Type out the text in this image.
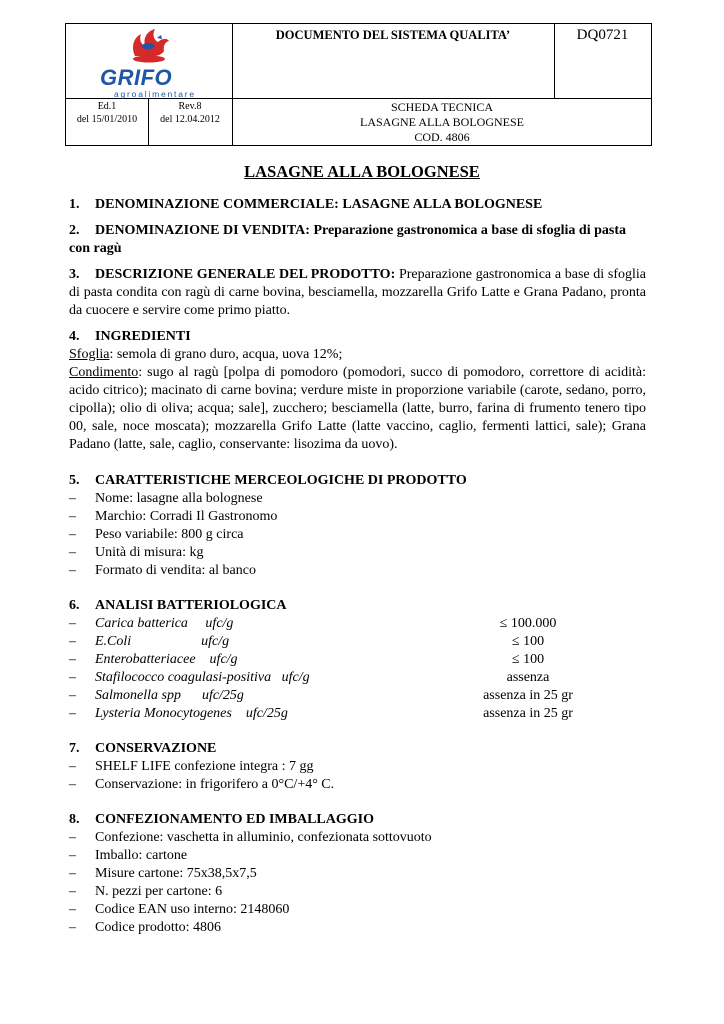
GRIFO
agroalimentare
DOCUMENTO DEL SISTEMA QUALITA’	DQ0721
Ed.1
del 15/01/2010
Rev.8
del 12.04.2012
SCHEDA TECNICA
LASAGNE ALLA BOLOGNESE
COD. 4806
LASAGNE ALLA BOLOGNESE
1. DENOMINAZIONE COMMERCIALE: LASAGNE ALLA BOLOGNESE
2. DENOMINAZIONE DI VENDITA: Preparazione gastronomica a base di sfoglia di pasta con ragù
3. DESCRIZIONE GENERALE DEL PRODOTTO: Preparazione gastronomica a base di sfoglia di pasta condita con ragù di carne bovina, besciamella, mozzarella Grifo Latte e Grana Padano, pronta da cuocere e servire come primo piatto.
4. INGREDIENTI
Sfoglia: semola di grano duro, acqua, uova 12%;
Condimento: sugo al ragù [polpa di pomodoro (pomodori, succo di pomodoro, correttore di acidità: acido citrico); macinato di carne bovina; verdure miste in proporzione variabile (carote, sedano, porro, cipolla); olio di oliva; acqua; sale], zucchero; besciamella (latte, burro, farina di frumento tenero tipo 00, sale, noce moscata); mozzarella Grifo Latte (latte vaccino, caglio, fermenti lattici, sale); Grana Padano (latte, sale, caglio, conservante: lisozima da uovo).
5. CARATTERISTICHE MERCEOLOGICHE DI PRODOTTO
– Nome: lasagne alla bolognese
– Marchio: Corradi Il Gastronomo
– Peso variabile: 800 g circa
– Unità di misura: kg
– Formato di vendita: al banco
6. ANALISI BATTERIOLOGICA
– Carica batterica     ufc/g	≤ 100.000
– E.Coli                    ufc/g	≤ 100
– Enterobatteriacee    ufc/g	≤ 100
– Stafilococco coagulasi-positiva   ufc/g	assenza
– Salmonella spp      ufc/25g	assenza in 25 gr
– Lysteria Monocytogenes    ufc/25g	assenza in 25 gr
7. CONSERVAZIONE
– SHELF LIFE confezione integra : 7 gg
– Conservazione: in frigorifero a 0°C/+4° C.
8. CONFEZIONAMENTO ED IMBALLAGGIO
– Confezione: vaschetta in alluminio, confezionata sottovuoto
– Imballo: cartone
– Misure cartone: 75x38,5x7,5
– N. pezzi per cartone: 6
– Codice EAN uso interno: 2148060
– Codice prodotto: 4806
